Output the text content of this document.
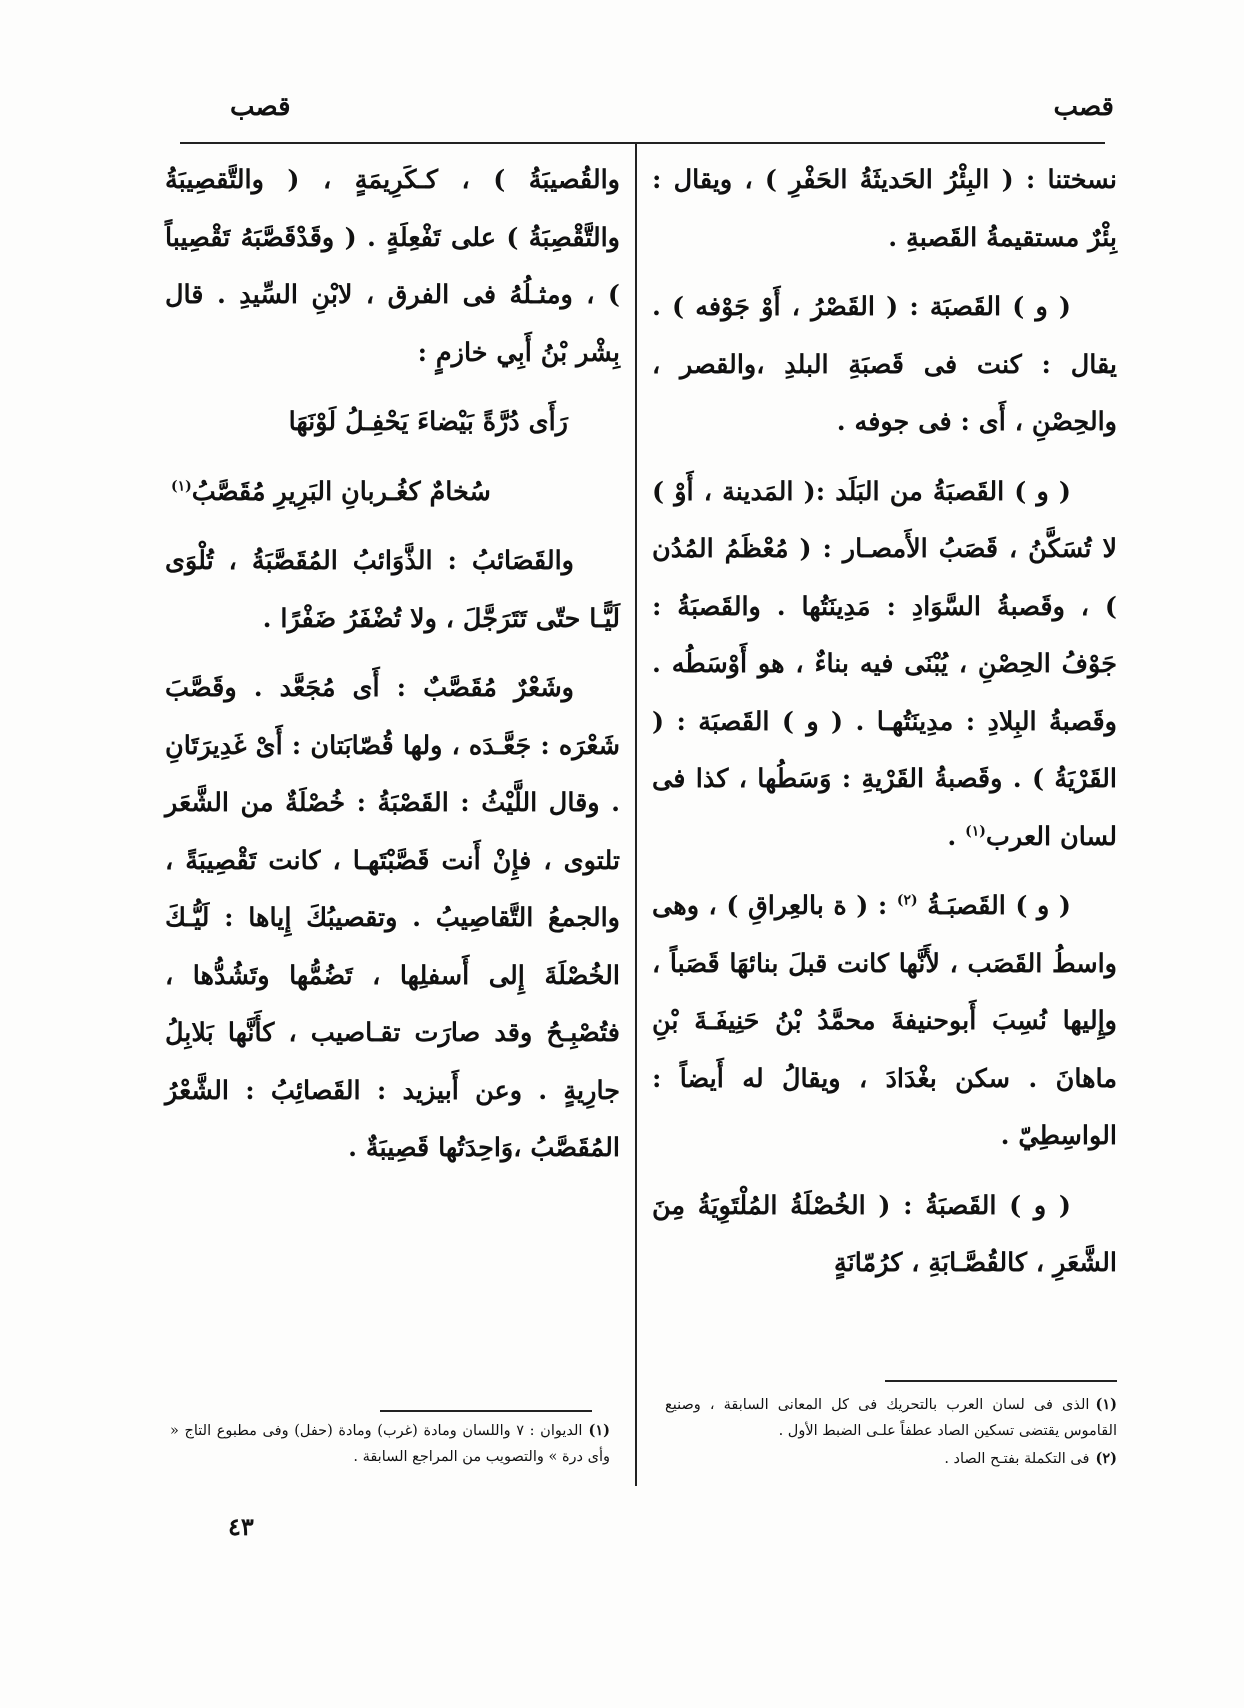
قصب
قصب

نسختنا : ( البِئْرُ الحَديثَةُ الحَفْرِ ) ، ويقال : بِئْرٌ مستقيمةُ القَصبةِ .

( و ) القَصبَة : ( القَصْرُ ، أَوْ جَوْفه ) . يقال : كنت فى قَصبَةِ البلدِ ،والقصر ، والحِصْنِ ، أَى : فى جوفه .

( و ) القَصبَةُ من البَلَد :( المَدينة ، أَوْ ) لا تُسَكَّنُ ، قَصَبُ الأَمصـار : ( مُعْظَمُ المُدُن ) ، وقَصبةُ السَّوَادِ : مَدِينَتُها . والقَصبَةُ : جَوْفُ الحِصْنِ ، يُبْنَى فيه بناءٌ ، هو أَوْسَطُه . وقَصبةُ البِلادِ : مدِينَتُهـا . ( و ) القَصبَة : ( القَرْيَةُ ) . وقَصبةُ القَرْيةِ : وَسَطُها ، كذا فى لسان العرب$^{(١)}$ .

( و ) القَصبَـةُ $^{(٢)}$ : ( ة بالعِراقِ ) ، وهى واسطُ القَصَب ، لأَنَّها كانت قبلَ بنائهَا قَصَباً ، وإِليها نُسِبَ أَبوحنيفةَ محمَّدُ بْنُ حَنِيفَـةَ بْنِ ماهانَ . سكن بغْدَادَ ، ويقالُ له أَيضاً : الواسِطِيّ .

( و ) القَصبَةُ : ( الخُصْلَةُ المُلْتَوِيَةُ مِنَ الشَّعَرِ ، كالقُصَّـابَةِ ، كرُمّانَةٍ

والقُصيبَةُ ) ، كـكَرِيمَةٍ ، ( والتَّقصِيبَةُ والتَّقْصِبَةُ ) على تَفْعِلَةٍ . ( وقَدْقَصَّبَهُ تَقْصِيباً ) ، ومثـلُهُ فى الفرق ، لابْنِ السِّيدِ . قال بِشْر بْنُ أَبِي خازمٍ :

رَأَى دُرَّةً بَيْضاءَ يَحْفِـلُ لَوْنَهَا

سُخامٌ كغُـربانِ البَرِيرِ مُقَصَّبُ$^{(١)}$

والقَصَائبُ : الذَّوَائبُ المُقَصَّبَةُ ، تُلْوَى لَيًّـا حتّى تَتَرَجَّلَ ، ولا تُضْفَرُ ضَفْرًا .

وشَعْرٌ مُقَصَّبٌ : أَى مُجَعَّد . وقَصَّبَ شَعْرَه : جَعَّـدَه ، ولها قُصّابَتان : أَىْ غَدِيرَتَانِ . وقال اللَّيْثُ : القَصْبَةُ : خُصْلَةٌ من الشَّعَر تلتوى ، فإِنْ أَنت قَصَّبْتَهـا ، كانت تَقْصِيبَةً ، والجمعُ التَّقاصِيبُ . وتقصيبُكَ إِياها : لَيُّـكَ الخُصْلَةَ إِلى أَسفلِها ، تَضُمُّها وتَشُدُّها ، فتُصْبِـحُ وقد صارَت تقـاصيب ، كأَنَّها بَلابِلُ جارِيةٍ . وعن أَبيزيد : القَصائِبُ : الشَّعْرُ المُقَصَّبُ ،وَاحِدَتُها قَصِيبَةٌ .

(١)الذى فى لسان العرب بالتحريك فى كل المعانى السابقة ، وصنيع القاموس يقتضى تسكين الصاد عطفاً علـى الضبط الأول .
(٢)فى التكملة بفتـح الصاد .
(١)الديوان : ٧ واللسان ومادة (غرب) ومادة (حفل) وفى مطبوع التاج « وأى درة » والتصويب من المراجع السابقة .
٤٣
